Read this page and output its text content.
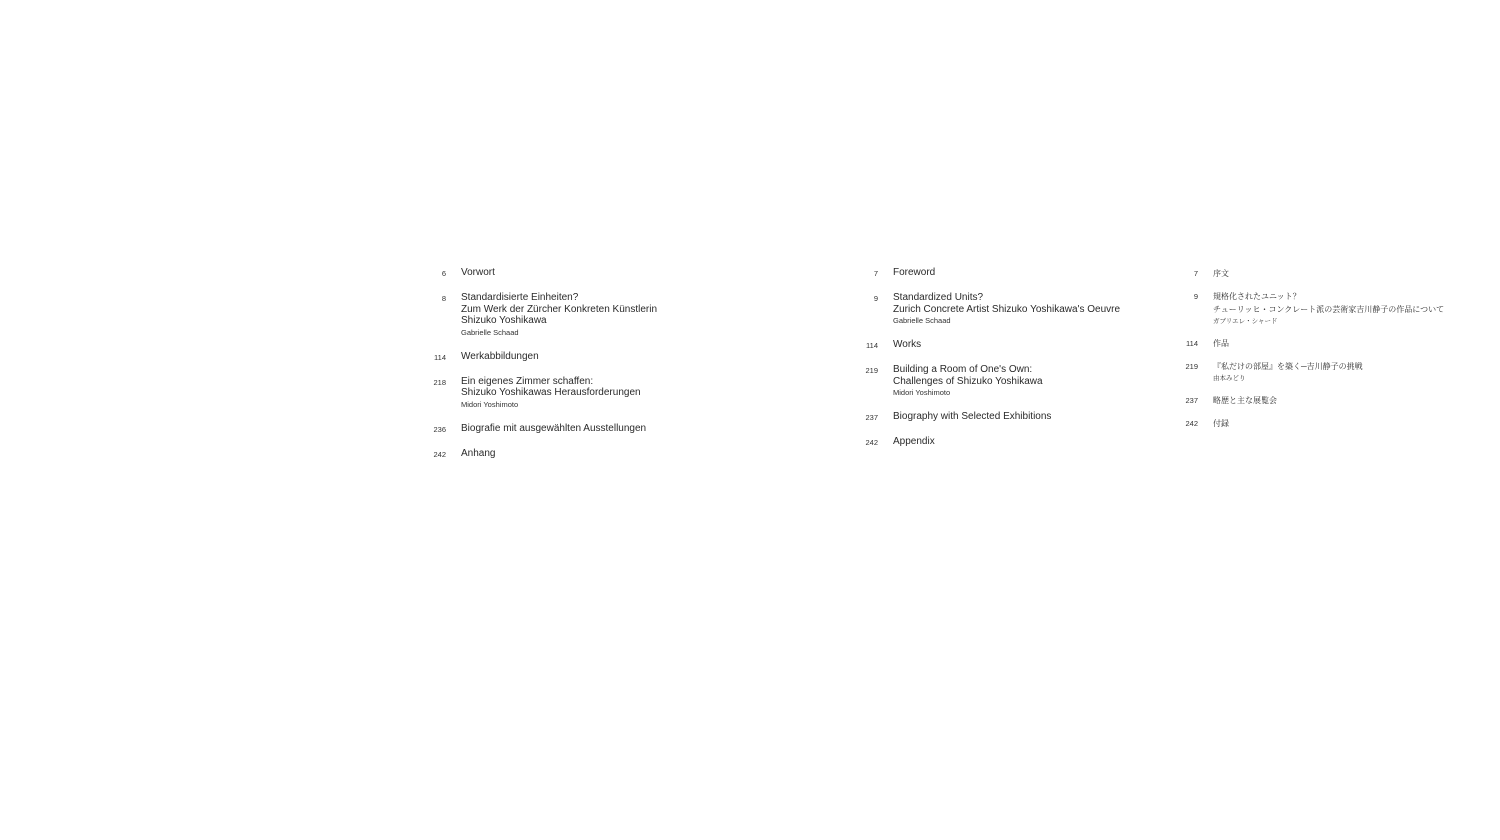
6 Vorwort
8 Standardisierte Einheiten?
Zum Werk der Zürcher Konkreten Künstlerin
Shizuko Yoshikawa
Gabrielle Schaad
114 Werkabbildungen
218 Ein eigenes Zimmer schaffen:
Shizuko Yoshikawas Herausforderungen
Midori Yoshimoto
236 Biografie mit ausgewählten Ausstellungen
242 Anhang
7 Foreword
9 Standardized Units?
Zurich Concrete Artist Shizuko Yoshikawa's Oeuvre
Gabrielle Schaad
114 Works
219 Building a Room of One's Own:
Challenges of Shizuko Yoshikawa
Midori Yoshimoto
237 Biography with Selected Exhibitions
242 Appendix
7 序文
9 規格化されたユニット？
チューリッヒ・コンクレート派の芸術家吉川静子の作品について
ガブリエレ・シャード
114 作品
219 『私だけの部屋』を築く─吉川静子の挑戦
由本みどり
237 略歴と主な展覧会
242 付録
